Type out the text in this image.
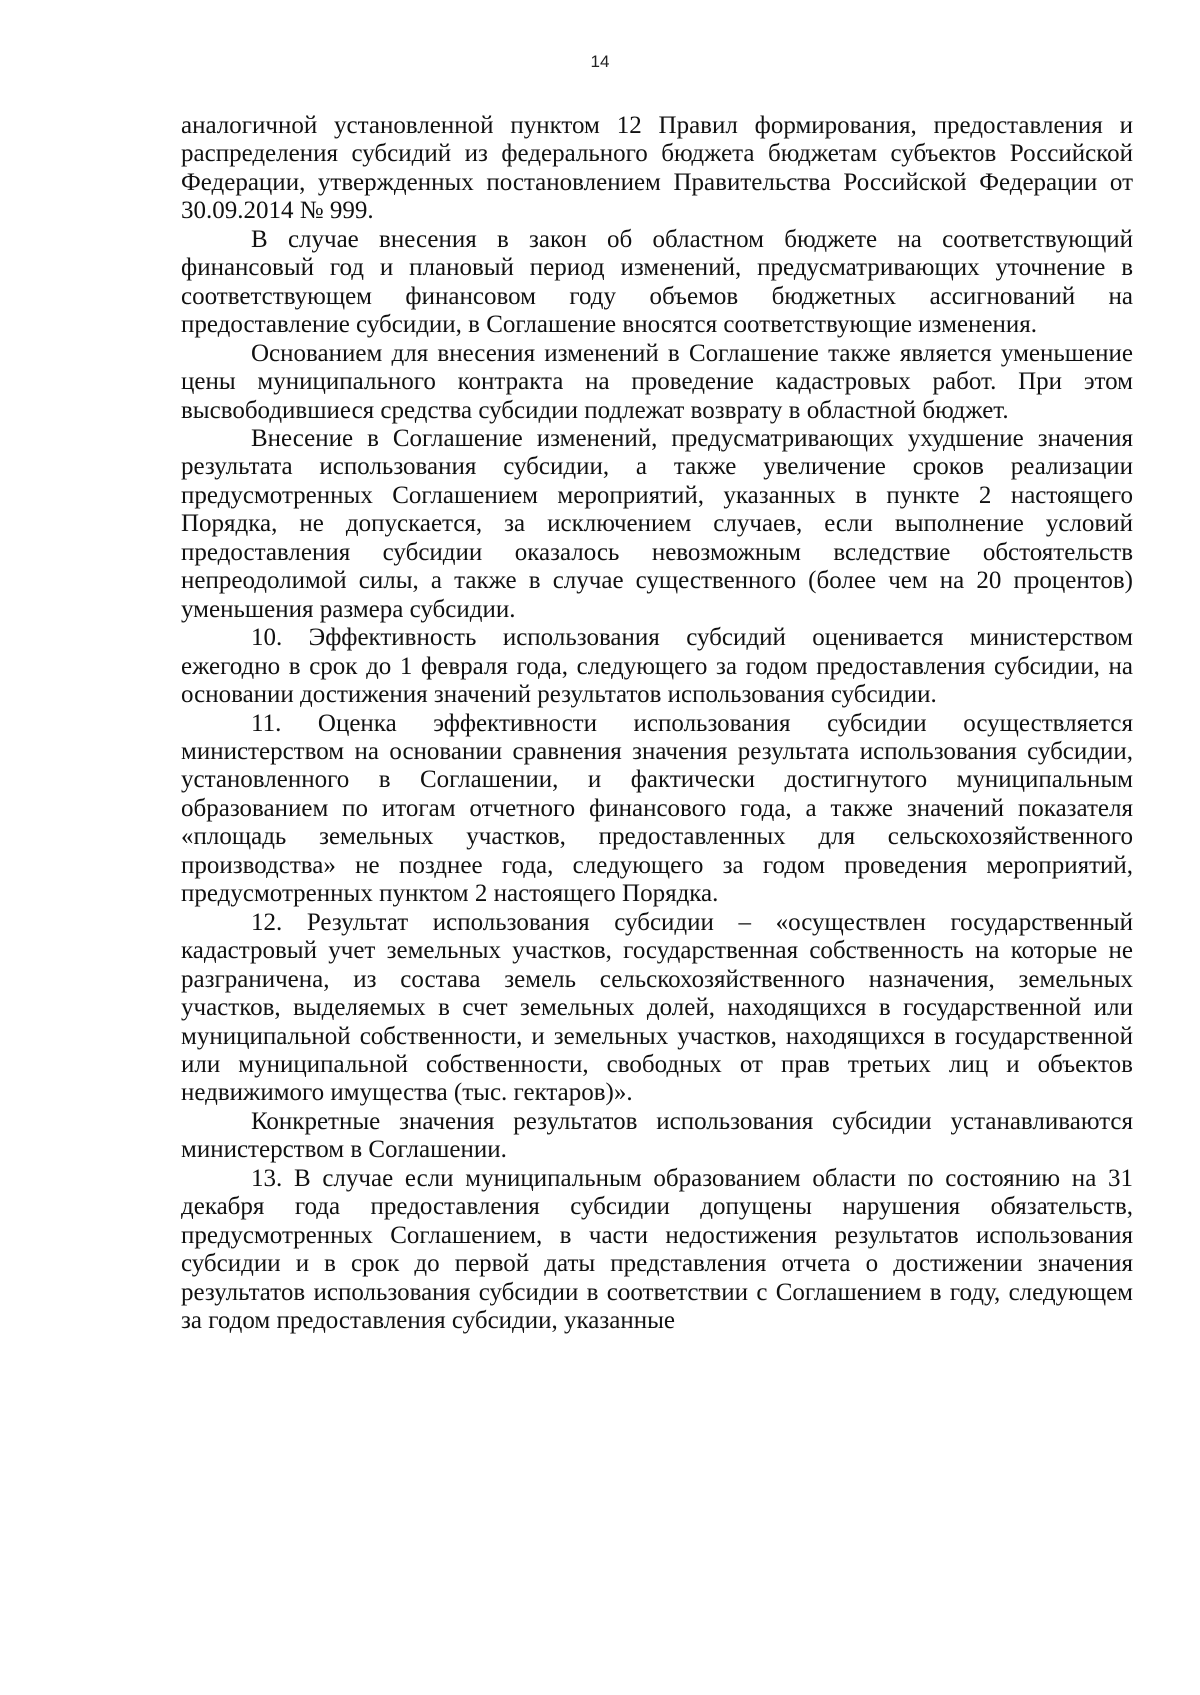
14

аналогичной установленной пунктом 12 Правил формирования, предоставления и распределения субсидий из федерального бюджета бюджетам субъектов Российской Федерации, утвержденных постановлением Правительства Российской Федерации от 30.09.2014 № 999.

В случае внесения в закон об областном бюджете на соответствующий финансовый год и плановый период изменений, предусматривающих уточнение в соответствующем финансовом году объемов бюджетных ассигнований на предоставление субсидии, в Соглашение вносятся соответствующие изменения.

Основанием для внесения изменений в Соглашение также является уменьшение цены муниципального контракта на проведение кадастровых работ. При этом высвободившиеся средства субсидии подлежат возврату в областной бюджет.

Внесение в Соглашение изменений, предусматривающих ухудшение значения результата использования субсидии, а также увеличение сроков реализации предусмотренных Соглашением мероприятий, указанных в пункте 2 настоящего Порядка, не допускается, за исключением случаев, если выполнение условий предоставления субсидии оказалось невозможным вследствие обстоятельств непреодолимой силы, а также в случае существенного (более чем на 20 процентов) уменьшения размера субсидии.

10. Эффективность использования субсидий оценивается министерством ежегодно в срок до 1 февраля года, следующего за годом предоставления субсидии, на основании достижения значений результатов использования субсидии.

11. Оценка эффективности использования субсидии осуществляется министерством на основании сравнения значения результата использования субсидии, установленного в Соглашении, и фактически достигнутого муниципальным образованием по итогам отчетного финансового года, а также значений показателя «площадь земельных участков, предоставленных для сельскохозяйственного производства» не позднее года, следующего за годом проведения мероприятий, предусмотренных пунктом 2 настоящего Порядка.

12. Результат использования субсидии – «осуществлен государственный кадастровый учет земельных участков, государственная собственность на которые не разграничена, из состава земель сельскохозяйственного назначения, земельных участков, выделяемых в счет земельных долей, находящихся в государственной или муниципальной собственности, и земельных участков, находящихся в государственной или муниципальной собственности, свободных от прав третьих лиц и объектов недвижимого имущества (тыс. гектаров)».

Конкретные значения результатов использования субсидии устанавливаются министерством в Соглашении.

13. В случае если муниципальным образованием области по состоянию на 31 декабря года предоставления субсидии допущены нарушения обязательств, предусмотренных Соглашением, в части недостижения результатов использования субсидии и в срок до первой даты представления отчета о достижении значения результатов использования субсидии в соответствии с Соглашением в году, следующем за годом предоставления субсидии, указанные
